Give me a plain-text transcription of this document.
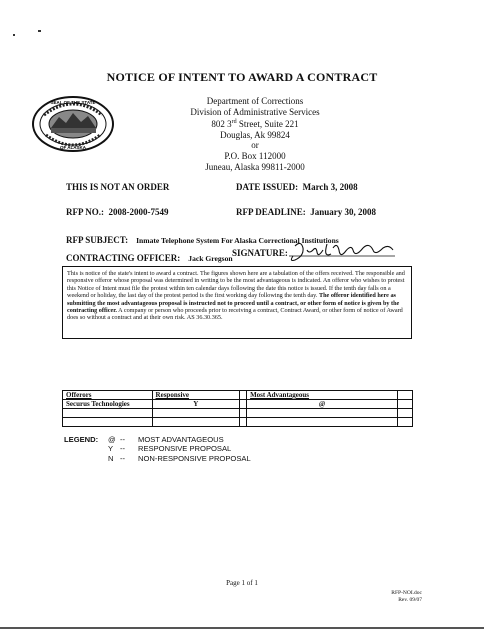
NOTICE OF INTENT TO AWARD A CONTRACT
SEAL OF THE STATE
OF ALASKA
Department of Corrections
Division of Administrative Services
802 3rd Street, Suite 221
Douglas, Ak 99824
or
P.O. Box 112000
Juneau, Alaska 99811-2000
THIS IS NOT AN ORDER	DATE ISSUED: March 3, 2008
RFP NO.: 2008-2000-7549	RFP DEADLINE: January 30, 2008
RFP SUBJECT: Inmate Telephone System For Alaska Correctional Institutions
CONTRACTING OFFICER: Jack Gregson
SIGNATURE:
This is notice of the state's intent to award a contract. The figures shown here are a tabulation of the offers received. The responsible and responsive offeror whose proposal was determined in writing to be the most advantageous is indicated. An offeror who wishes to protest this Notice of Intent must file the protest within ten calendar days following the date this notice is issued. If the tenth day falls on a weekend or holiday, the last day of the protest period is the first working day following the tenth day. The offeror identified here as submitting the most advantageous proposal is instructed not to proceed until a contract, or other form of notice is given by the contracting officer. A company or person who proceeds prior to receiving a contract, Contract Award, or other form of notice of Award does so without a contract and at their own risk. AS 36.30.365.
Offerors	Responsive		Most Advantageous	
Securus Technologies	Y		@	

LEGEND: @ -- MOST ADVANTAGEOUS
Y -- RESPONSIVE PROPOSAL
N -- NON-RESPONSIVE PROPOSAL
Page 1 of 1
RFP-NOI.doc
Rev. 09/07
